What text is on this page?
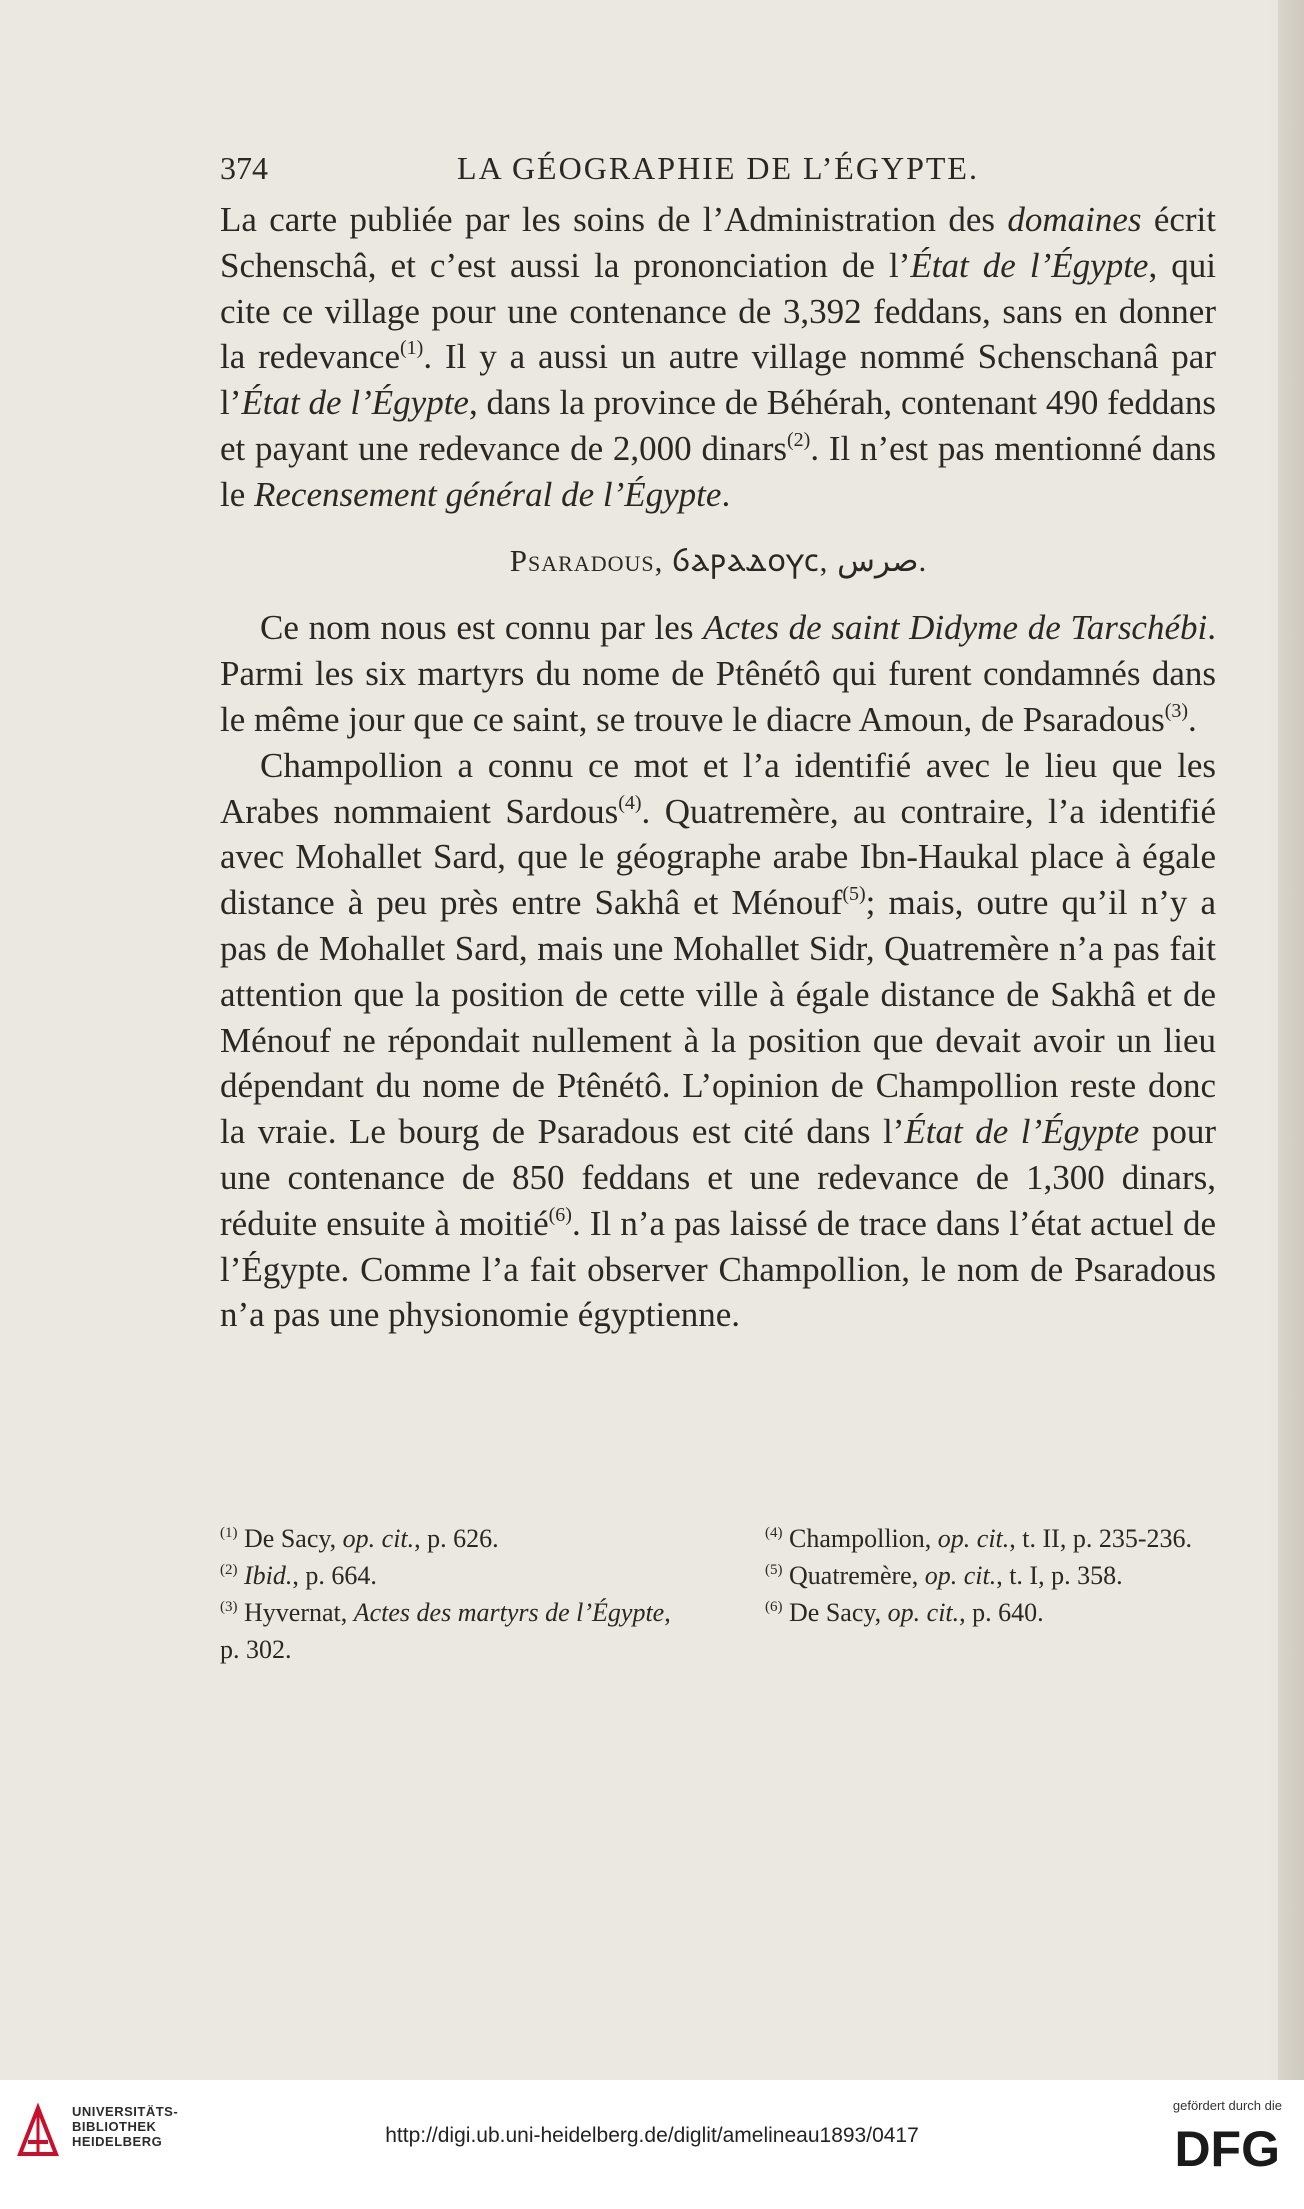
374	LA GÉOGRAPHIE DE L’ÉGYPTE.

La carte publiée par les soins de l’Administration des domaines écrit Schenschâ, et c’est aussi la prononciation de l’État de l’Égypte, qui cite ce village pour une contenance de 3,392 feddans, sans en donner la redevance$^{(1)}$. Il y a aussi un autre village nommé Schenschanâ par l’État de l’Égypte, dans la province de Béhérah, contenant 490 feddans et payant une redevance de 2,000 dinars$^{(2)}$. Il n’est pas mentionné dans le Recensement général de l’Égypte.

Psaradous, ⳓⲁⲣⲁⲇⲟⲩⲥ, صرس.

Ce nom nous est connu par les Actes de saint Didyme de Tarschébi. Parmi les six martyrs du nome de Ptênétô qui furent condamnés dans le même jour que ce saint, se trouve le diacre Amoun, de Psaradous$^{(3)}$.

Champollion a connu ce mot et l’a identifié avec le lieu que les Arabes nommaient Sardous$^{(4)}$. Quatremère, au contraire, l’a identifié avec Mohallet Sard, que le géographe arabe Ibn-Haukal place à égale distance à peu près entre Sakhâ et Ménouf$^{(5)}$; mais, outre qu’il n’y a pas de Mohallet Sard, mais une Mohallet Sidr, Quatremère n’a pas fait attention que la position de cette ville à égale distance de Sakhâ et de Ménouf ne répondait nullement à la position que devait avoir un lieu dépendant du nome de Ptênétô. L’opinion de Champollion reste donc la vraie. Le bourg de Psaradous est cité dans l’État de l’Égypte pour une contenance de 850 feddans et une redevance de 1,300 dinars, réduite ensuite à moitié$^{(6)}$. Il n’a pas laissé de trace dans l’état actuel de l’Égypte. Comme l’a fait observer Champollion, le nom de Psaradous n’a pas une physionomie égyptienne.

$^{(1)}$ De Sacy, op. cit., p. 626.

$^{(2)}$ Ibid., p. 664.

$^{(3)}$ Hyvernat, Actes des martyrs de l’Égypte, p. 302.

$^{(4)}$ Champollion, op. cit., t. II, p. 235-236.

$^{(5)}$ Quatremère, op. cit., t. I, p. 358.

$^{(6)}$ De Sacy, op. cit., p. 640.

UNIVERSITÄTS-
BIBLIOTHEK
HEIDELBERG	http://digi.ub.uni-heidelberg.de/diglit/amelineau1893/0417
gefördert durch die
DFG
